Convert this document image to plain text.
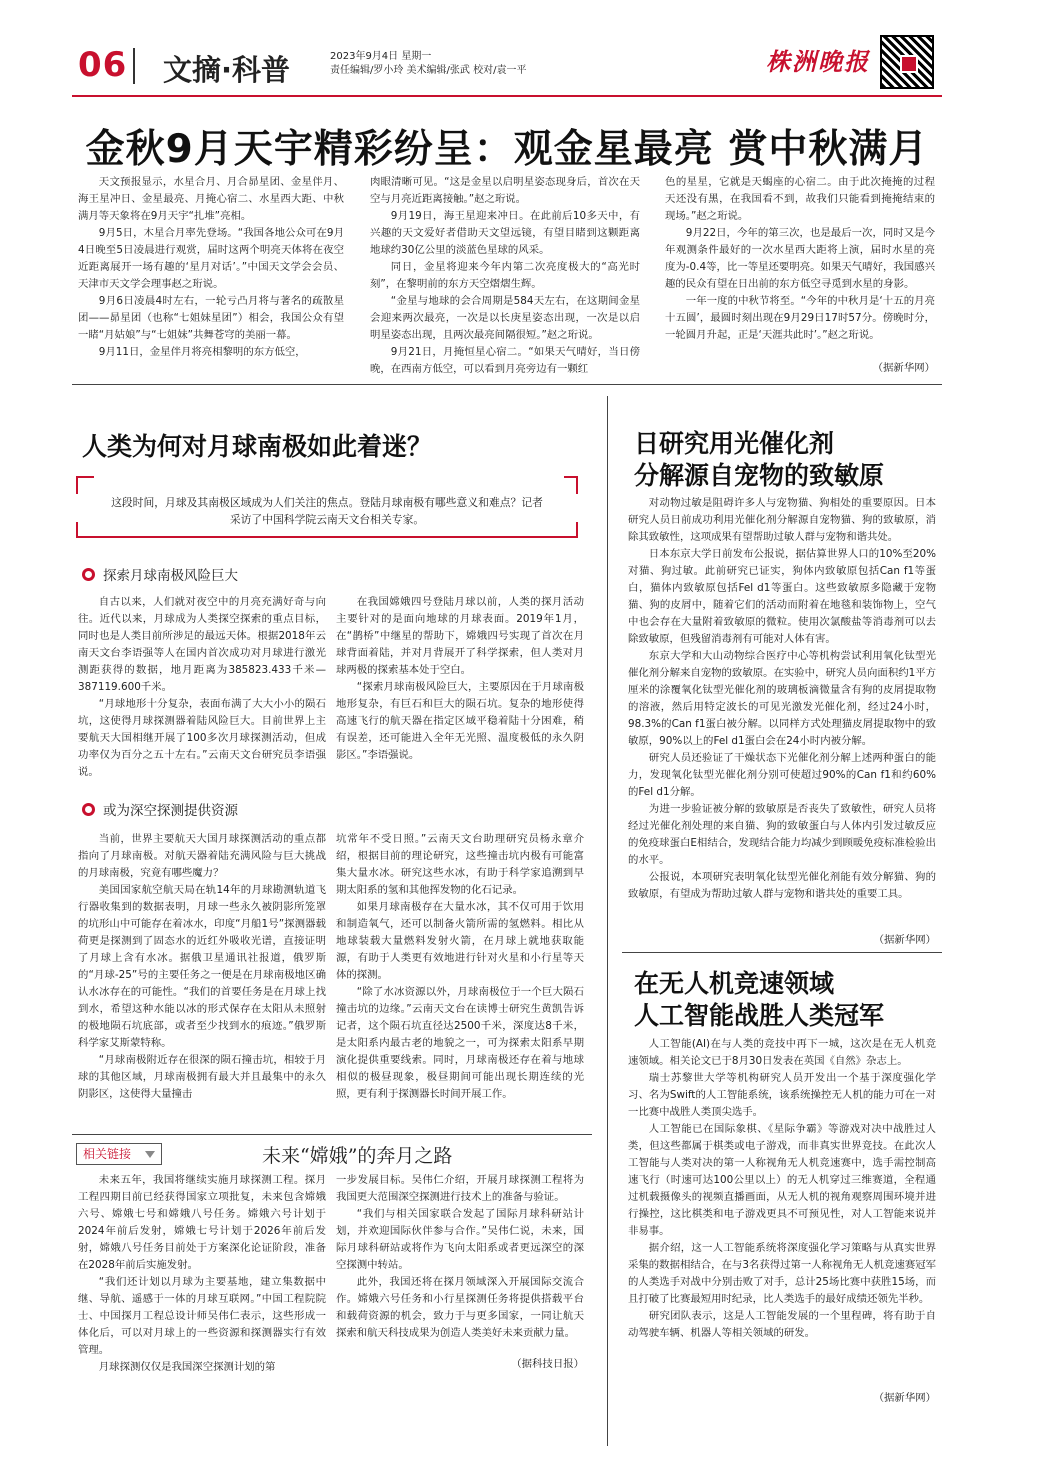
06 文摘·科普	2023年9月4日 星期一
责任编辑/罗小玲 美术编辑/张武 校对/袁一平	株洲晚报
金秋9月天宇精彩纷呈：观金星最亮 赏中秋满月

天文预报显示，水星合月、月合昴星团、金星伴月、海王星冲日、金星最亮、月掩心宿二、水星西大距、中秋满月等天象将在9月天宇“扎堆”亮相。

9月5日，木星合月率先登场。“我国各地公众可在9月4日晚至5日凌晨进行观赏，届时这两个明亮天体将在夜空近距离展开一场有趣的‘星月对话’。”中国天文学会会员、天津市天文学会理事赵之珩说。

9月6日凌晨4时左右，一轮亏凸月将与著名的疏散星团——昴星团（也称“七姐妹星团”）相会，我国公众有望一睹“月姑娘”与“七姐妹”共舞苍穹的美丽一幕。

9月11日，金星伴月将亮相黎明的东方低空，

肉眼清晰可见。“这是金星以启明星姿态现身后，首次在天空与月亮近距离接触。”赵之珩说。

9月19日，海王星迎来冲日。在此前后10多天中，有兴趣的天文爱好者借助天文望远镜，有望目睹到这颗距离地球约30亿公里的淡蓝色星球的风采。

同日，金星将迎来今年内第二次亮度极大的“高光时刻”，在黎明前的东方天空熠熠生辉。

“金星与地球的会合周期是584天左右，在这期间金星会迎来两次最亮，一次是以长庚星姿态出现，一次是以启明星姿态出现，且两次最亮间隔很短。”赵之珩说。

9月21日，月掩恒星心宿二。“如果天气晴好，当日傍晚，在西南方低空，可以看到月亮旁边有一颗红

色的星星，它就是天蝎座的心宿二。由于此次掩掩的过程天还没有黑，在我国看不到，故我们只能看到掩掩结束的现场。”赵之珩说。

9月22日，今年的第三次，也是最后一次，同时又是今年观测条件最好的一次水星西大距将上演，届时水星的亮度为-0.4等，比一等星还要明亮。如果天气晴好，我国感兴趣的民众有望在日出前的东方低空寻觅到水星的身影。

一年一度的中秋节将至。“今年的中秋月是‘十五的月亮十五圆’，最圆时刻出现在9月29日17时57分。傍晚时分，一轮圆月升起，正是‘天涯共此时’。”赵之珩说。

（据新华网）
人类为何对月球南极如此着迷？
这段时间，月球及其南极区域成为人们关注的焦点。登陆月球南极有哪些意义和难点？记者采访了中国科学院云南天文台相关专家。
探索月球南极风险巨大

自古以来，人们就对夜空中的月亮充满好奇与向往。近代以来，月球成为人类探空探索的重点目标，同时也是人类目前所涉足的最远天体。根据2018年云南天文台李语强等人在国内首次成功对月球进行激光测距获得的数据，地月距离为385823.433千米—387119.600千米。

“月球地形十分复杂，表面布满了大大小小的陨石坑，这使得月球探测器着陆风险巨大。目前世界上主要航天大国相继开展了100多次月球探测活动，但成功率仅为百分之五十左右。”云南天文台研究员李语强说。

在我国嫦娥四号登陆月球以前，人类的探月活动主要针对的是面向地球的月球表面。2019年1月，在“鹊桥”中继星的帮助下，嫦娥四号实现了首次在月球背面着陆，并对月背展开了科学探索，但人类对月球两极的探索基本处于空白。

“探索月球南极风险巨大，主要原因在于月球南极地形复杂，有巨石和巨大的陨石坑。复杂的地形使得高速飞行的航天器在指定区域平稳着陆十分困难，稍有误差，还可能进入全年无光照、温度极低的永久阴影区。”李语强说。

或为深空探测提供资源

当前，世界主要航天大国月球探测活动的重点都指向了月球南极。对航天器着陆充满风险与巨大挑战的月球南极，究竟有哪些魔力？

美国国家航空航天局在轨14年的月球勘测轨道飞行器收集到的数据表明，月球一些永久被阴影所笼罩的坑形山中可能存在着冰水，印度“月船1号”探测器载荷更是探测到了固态水的近红外吸收光谱，直接证明了月球上含有水冰。据俄卫星通讯社报道，俄罗斯的“月球-25”号的主要任务之一便是在月球南极地区确认水冰存在的可能性。“我们的首要任务是在月球上找到水，希望这种水能以冰的形式保存在太阳从未照射的极地陨石坑底部，或者至少找到水的痕迹。”俄罗斯科学家艾斯蒙特称。

“月球南极附近存在很深的陨石撞击坑，相较于月球的其他区域，月球南极拥有最大并且最集中的永久阴影区，这使得大量撞击

坑常年不受日照。”云南天文台助理研究员杨永章介绍，根据目前的理论研究，这些撞击坑内极有可能富集大量水冰。研究这些水冰，有助于科学家追溯到早期太阳系的氢和其他挥发物的化石记录。

如果月球南极存在大量水冰，其不仅可用于饮用和制造氧气，还可以制备火箭所需的氢燃料。相比从地球装载大量燃料发射火箭，在月球上就地获取能源，有助于人类更有效地进行针对火星和小行星等天体的探测。

“除了水冰资源以外，月球南极位于一个巨大陨石撞击坑的边缘。”云南天文台在读博士研究生黄凯告诉记者，这个陨石坑直径达2500千米，深度达8千米，是太阳系内最古老的地貌之一，可为探索太阳系早期演化提供重要线索。同时，月球南极还存在着与地球相似的极昼现象，极昼期间可能出现长期连续的光照，更有利于探测器长时间开展工作。

相关链接	未来“嫦娥”的奔月之路

未来五年，我国将继续实施月球探测工程。探月工程四期目前已经获得国家立项批复，未来包含嫦娥六号、嫦娥七号和嫦娥八号任务。嫦娥六号计划于2024年前后发射，嫦娥七号计划于2026年前后发射，嫦娥八号任务目前处于方案深化论证阶段，准备在2028年前后实施发射。

“我们还计划以月球为主要基地，建立集数据中继、导航、遥感于一体的月球互联网。”中国工程院院士、中国探月工程总设计师吴伟仁表示，这些形成一体化后，可以对月球上的一些资源和探测器实行有效管理。

月球探测仅仅是我国深空探测计划的第

一步发展目标。吴伟仁介绍，开展月球探测工程将为我国更大范围深空探测进行技术上的准备与验证。

“我们与相关国家联合发起了国际月球科研站计划，并欢迎国际伙伴参与合作。”吴伟仁说，未来，国际月球科研站或将作为飞向太阳系或者更远深空的深空探测中转站。

此外，我国还将在探月领域深入开展国际交流合作。嫦娥六号任务和小行星探测任务将提供搭载平台和载荷资源的机会，致力于与更多国家，一同让航天探索和航天科技成果为创造人类美好未来贡献力量。

（据科技日报）
日研究用光催化剂
分解源自宠物的致敏原

对动物过敏是阻碍许多人与宠物猫、狗相处的重要原因。日本研究人员日前成功利用光催化剂分解源自宠物猫、狗的致敏原，消除其致敏性，这项成果有望帮助过敏人群与宠物和谐共处。

日本东京大学日前发布公报说，据估算世界人口的10%至20%对猫、狗过敏。此前研究已证实，狗体内致敏原包括Can f1等蛋白，猫体内致敏原包括Fel d1等蛋白。这些致敏原多隐藏于宠物猫、狗的皮屑中，随着它们的活动而附着在地毯和装饰物上，空气中也会存在大量附着致敏原的微粒。使用次氯酸盐等消毒剂可以去除致敏原，但残留消毒剂有可能对人体有害。

东京大学和大山动物综合医疗中心等机构尝试利用氧化钛型光催化剂分解来自宠物的致敏原。在实验中，研究人员向面积约1平方厘米的涂覆氧化钛型光催化剂的玻璃板滴微量含有狗的皮屑提取物的溶液，然后用特定波长的可见光激发光催化剂，经过24小时，98.3%的Can f1蛋白被分解。以同样方式处理猫皮屑提取物中的致敏原，90%以上的Fel d1蛋白会在24小时内被分解。

研究人员还验证了干燥状态下光催化剂分解上述两种蛋白的能力，发现氧化钛型光催化剂分别可使超过90%的Can f1和约60%的Fel d1分解。

为进一步验证被分解的致敏原是否丧失了致敏性，研究人员将经过光催化剂处理的来自猫、狗的致敏蛋白与人体内引发过敏反应的免疫球蛋白E相结合，发现结合能力均减少到顾暖免疫标准检验出的水平。

公报说，本项研究表明氧化钛型光催化剂能有效分解猫、狗的致敏原，有望成为帮助过敏人群与宠物和谐共处的重要工具。

（据新华网）
在无人机竞速领域
人工智能战胜人类冠军

人工智能(AI)在与人类的竞技中再下一城，这次是在无人机竞速领域。相关论文已于8月30日发表在英国《自然》杂志上。

瑞士苏黎世大学等机构研究人员开发出一个基于深度强化学习、名为Swift的人工智能系统，该系统操控无人机的能力可在一对一比赛中战胜人类顶尖选手。

人工智能已在国际象棋、《星际争霸》等游戏对决中战胜过人类，但这些都属于棋类或电子游戏，而非真实世界竞技。在此次人工智能与人类对决的第一人称视角无人机竞速赛中，选手需控制高速飞行（时速可达100公里以上）的无人机穿过三维赛道，全程通过机载摄像头的视频直播画面，从无人机的视角观察周围环境并进行操控，这比棋类和电子游戏更具不可预见性，对人工智能来说并非易事。

据介绍，这一人工智能系统将深度强化学习策略与从真实世界采集的数据相结合，在与3名获得过第一人称视角无人机竞速赛冠军的人类选手对战中分别击败了对手，总计25场比赛中获胜15场，而且打破了比赛最短用时纪录，比人类选手的最好成绩还领先半秒。

研究团队表示，这是人工智能发展的一个里程碑，将有助于自动驾驶车辆、机器人等相关领域的研发。

（据新华网）
